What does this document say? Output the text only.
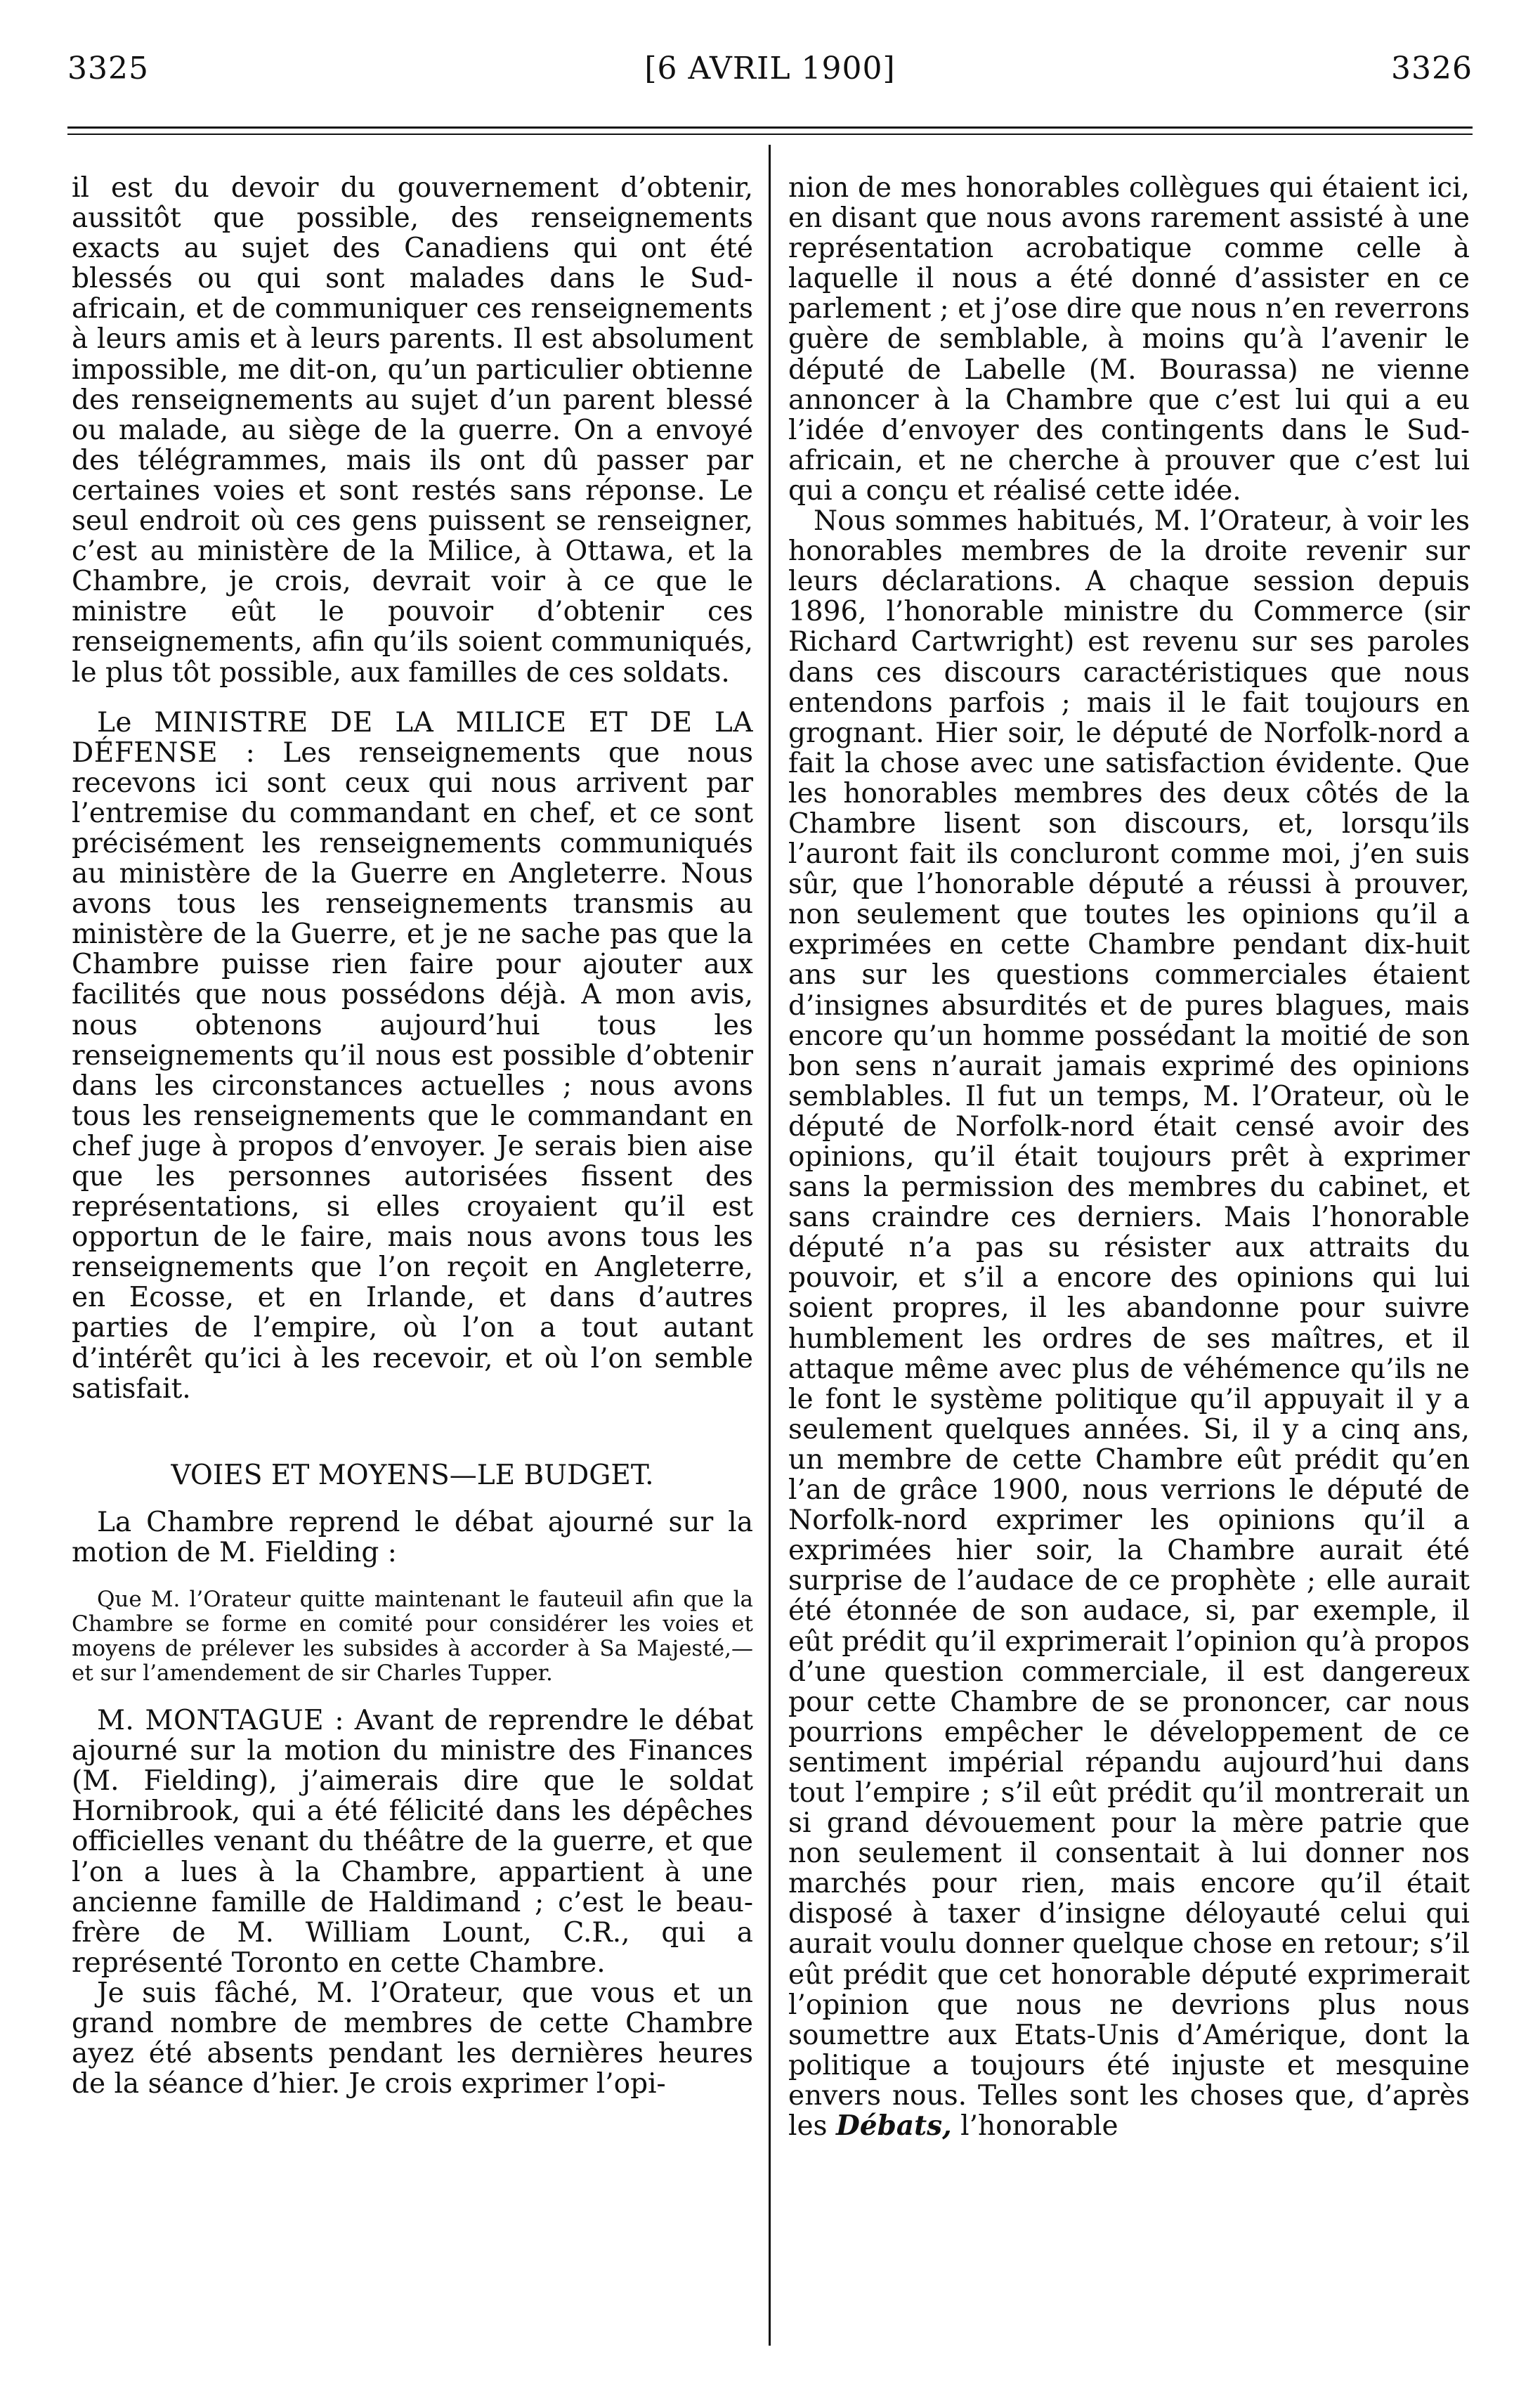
3325	[6 AVRIL 1900]	3326

il est du devoir du gouvernement d’obtenir, aussitôt que possible, des renseignements exacts au sujet des Canadiens qui ont été blessés ou qui sont malades dans le Sud-africain, et de communiquer ces renseignements à leurs amis et à leurs parents. Il est absolument impossible, me dit-on, qu’un particulier obtienne des renseignements au sujet d’un parent blessé ou malade, au siège de la guerre. On a envoyé des télégrammes, mais ils ont dû passer par certaines voies et sont restés sans réponse. Le seul endroit où ces gens puissent se renseigner, c’est au ministère de la Milice, à Ottawa, et la Chambre, je crois, devrait voir à ce que le ministre eût le pouvoir d’obtenir ces renseignements, afin qu’ils soient communiqués, le plus tôt possible, aux familles de ces soldats.

Le MINISTRE DE LA MILICE ET DE LA DÉFENSE : Les renseignements que nous recevons ici sont ceux qui nous arrivent par l’entremise du commandant en chef, et ce sont précisément les renseignements communiqués au ministère de la Guerre en Angleterre. Nous avons tous les renseignements transmis au ministère de la Guerre, et je ne sache pas que la Chambre puisse rien faire pour ajouter aux facilités que nous possédons déjà. A mon avis, nous obtenons aujourd’hui tous les renseignements qu’il nous est possible d’obtenir dans les circonstances actuelles ; nous avons tous les renseignements que le commandant en chef juge à propos d’envoyer. Je serais bien aise que les personnes autorisées fissent des représentations, si elles croyaient qu’il est opportun de le faire, mais nous avons tous les renseignements que l’on reçoit en Angleterre, en Ecosse, et en Irlande, et dans d’autres parties de l’empire, où l’on a tout autant d’intérêt qu’ici à les recevoir, et où l’on semble satisfait.

VOIES ET MOYENS—LE BUDGET.

La Chambre reprend le débat ajourné sur la motion de M. Fielding :

Que M. l’Orateur quitte maintenant le fauteuil afin que la Chambre se forme en comité pour considérer les voies et moyens de prélever les subsides à accorder à Sa Majesté,—et sur l’amendement de sir Charles Tupper.

M. MONTAGUE : Avant de reprendre le débat ajourné sur la motion du ministre des Finances (M. Fielding), j’aimerais dire que le soldat Hornibrook, qui a été félicité dans les dépêches officielles venant du théâtre de la guerre, et que l’on a lues à la Chambre, appartient à une ancienne famille de Haldimand ; c’est le beau-frère de M. William Lount, C.R., qui a représenté Toronto en cette Chambre.

Je suis fâché, M. l’Orateur, que vous et un grand nombre de membres de cette Chambre ayez été absents pendant les dernières heures de la séance d’hier. Je crois exprimer l’opi-

nion de mes honorables collègues qui étaient ici, en disant que nous avons rarement assisté à une représentation acrobatique comme celle à laquelle il nous a été donné d’assister en ce parlement ; et j’ose dire que nous n’en reverrons guère de semblable, à moins qu’à l’avenir le député de Labelle (M. Bourassa) ne vienne annoncer à la Chambre que c’est lui qui a eu l’idée d’envoyer des contingents dans le Sud-africain, et ne cherche à prouver que c’est lui qui a conçu et réalisé cette idée.

Nous sommes habitués, M. l’Orateur, à voir les honorables membres de la droite revenir sur leurs déclarations. A chaque session depuis 1896, l’honorable ministre du Commerce (sir Richard Cartwright) est revenu sur ses paroles dans ces discours caractéristiques que nous entendons parfois ; mais il le fait toujours en grognant. Hier soir, le député de Norfolk-nord a fait la chose avec une satisfaction évidente. Que les honorables membres des deux côtés de la Chambre lisent son discours, et, lorsqu’ils l’auront fait ils concluront comme moi, j’en suis sûr, que l’honorable député a réussi à prouver, non seulement que toutes les opinions qu’il a exprimées en cette Chambre pendant dix-huit ans sur les questions commerciales étaient d’insignes absurdités et de pures blagues, mais encore qu’un homme possédant la moitié de son bon sens n’aurait jamais exprimé des opinions semblables. Il fut un temps, M. l’Orateur, où le député de Norfolk-nord était censé avoir des opinions, qu’il était toujours prêt à exprimer sans la permission des membres du cabinet, et sans craindre ces derniers. Mais l’honorable député n’a pas su résister aux attraits du pouvoir, et s’il a encore des opinions qui lui soient propres, il les abandonne pour suivre humblement les ordres de ses maîtres, et il attaque même avec plus de véhémence qu’ils ne le font le système politique qu’il appuyait il y a seulement quelques années. Si, il y a cinq ans, un membre de cette Chambre eût prédit qu’en l’an de grâce 1900, nous verrions le député de Norfolk-nord exprimer les opinions qu’il a exprimées hier soir, la Chambre aurait été surprise de l’audace de ce prophète ; elle aurait été étonnée de son audace, si, par exemple, il eût prédit qu’il exprimerait l’opinion qu’à propos d’une question commerciale, il est dangereux pour cette Chambre de se prononcer, car nous pourrions empêcher le développement de ce sentiment impérial répandu aujourd’hui dans tout l’empire ; s’il eût prédit qu’il montrerait un si grand dévouement pour la mère patrie que non seulement il consentait à lui donner nos marchés pour rien, mais encore qu’il était disposé à taxer d’insigne déloyauté celui qui aurait voulu donner quelque chose en retour; s’il eût prédit que cet honorable député exprimerait l’opinion que nous ne devrions plus nous soumettre aux Etats-Unis d’Amérique, dont la politique a toujours été injuste et mesquine envers nous. Telles sont les choses que, d’après les Débats, l’honorable
